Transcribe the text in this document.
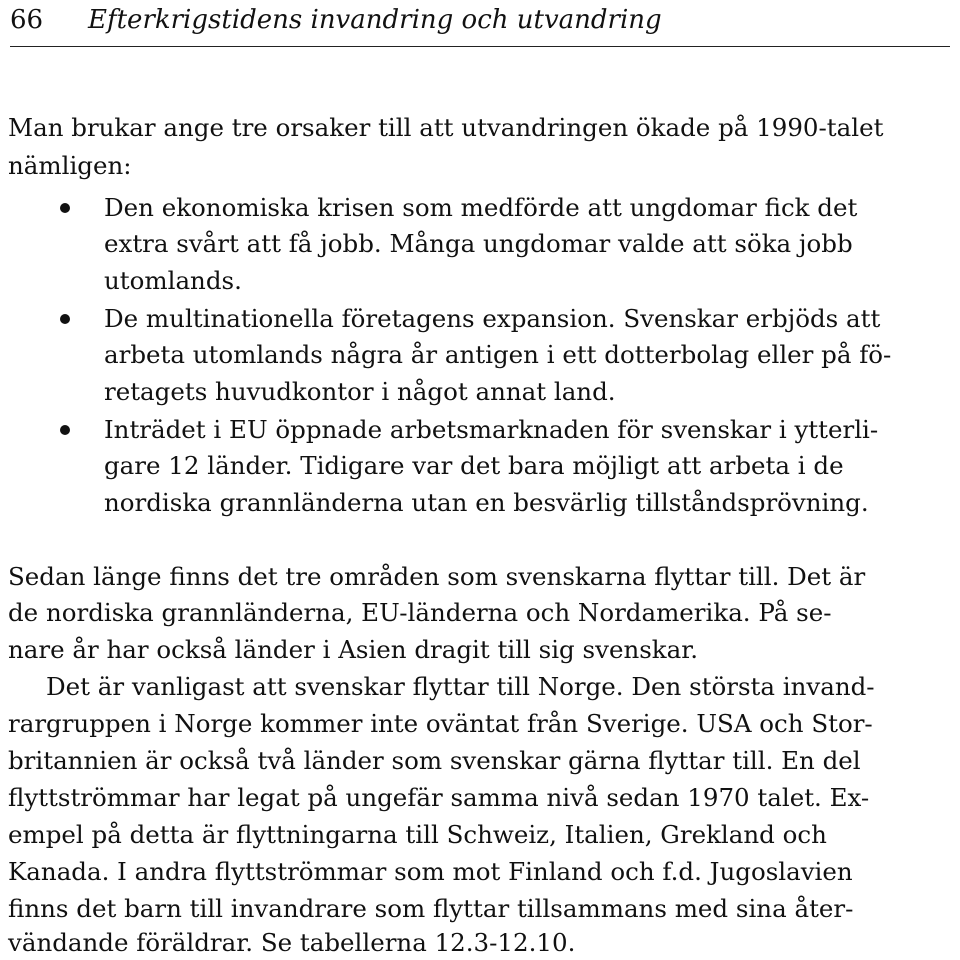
66 Efterkrigstidens invandring och utvandring
Man brukar ange tre orsaker till att utvandringen ökade på 1990-talet
nämligen:
Den ekonomiska krisen som medförde att ungdomar fick det
extra svårt att få jobb. Många ungdomar valde att söka jobb
utomlands.
De multinationella företagens expansion. Svenskar erbjöds att
arbeta utomlands några år antigen i ett dotterbolag eller på fö-
retagets huvudkontor i något annat land.
Inträdet i EU öppnade arbetsmarknaden för svenskar i ytterli-
gare 12 länder. Tidigare var det bara möjligt att arbeta i de
nordiska grannländerna utan en besvärlig tillståndsprövning.
Sedan länge finns det tre områden som svenskarna flyttar till. Det är
de nordiska grannländerna, EU-länderna och Nordamerika. På se-
nare år har också länder i Asien dragit till sig svenskar.
Det är vanligast att svenskar flyttar till Norge. Den största invand-
rargruppen i Norge kommer inte oväntat från Sverige. USA och Stor-
britannien är också två länder som svenskar gärna flyttar till. En del
flyttströmmar har legat på ungefär samma nivå sedan 1970 talet. Ex-
empel på detta är flyttningarna till Schweiz, Italien, Grekland och
Kanada. I andra flyttströmmar som mot Finland och f.d. Jugoslavien
finns det barn till invandrare som flyttar tillsammans med sina åter-
vändande föräldrar. Se tabellerna 12.3-12.10.
